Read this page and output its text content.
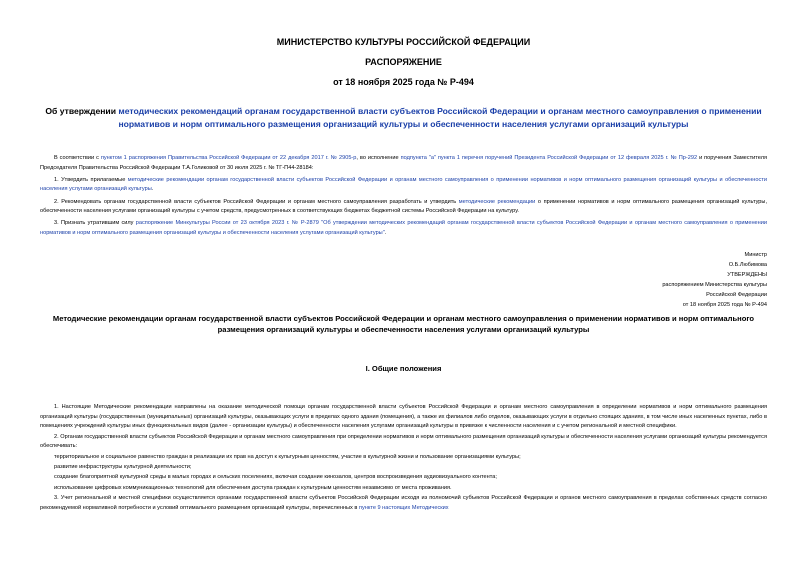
МИНИСТЕРСТВО КУЛЬТУРЫ РОССИЙСКОЙ ФЕДЕРАЦИИ
РАСПОРЯЖЕНИЕ
от 18 ноября 2025 года № Р-494
Об утверждении методических рекомендаций органам государственной власти субъектов Российской Федерации и органам местного самоуправления о применении нормативов и норм оптимального размещения организаций культуры и обеспеченности населения услугами организаций культуры

В соответствии с пунктом 1 распоряжения Правительства Российской Федерации от 22 декабря 2017 г. № 2905-р, во исполнение подпункта "а" пункта 1 перечня поручений Президента Российской Федерации от 12 февраля 2025 г. № Пр-292 и поручения Заместителя Председателя Правительства Российской Федерации Т.А.Голиковой от 30 июля 2025 г. № ТГ-П44-28184:

1. Утвердить прилагаемые методические рекомендации органам государственной власти субъектов Российской Федерации и органам местного самоуправления о применении нормативов и норм оптимального размещения организаций культуры и обеспеченности населения услугами организаций культуры.

2. Рекомендовать органам государственной власти субъектов Российской Федерации и органам местного самоуправления разработать и утвердить методические рекомендации о применении нормативов и норм оптимального размещения организаций культуры, обеспеченности населения услугами организаций культуры с учетом средств, предусмотренных в соответствующих бюджетах бюджетной системы Российской Федерации на культуру.

3. Признать утратившим силу распоряжение Минкультуры России от 23 октября 2023 г. № Р-2879 "Об утверждении методических рекомендаций органам государственной власти субъектов Российской Федерации и органам местного самоуправления о применении нормативов и норм оптимального размещения организаций культуры и обеспеченности населения услугами организаций культуры".

Министр
О.Б.Любимова
УТВЕРЖДЕНЫ
распоряжением Министерства культуры
Российской Федерации
от 18 ноября 2025 года № Р-494
Методические рекомендации органам государственной власти субъектов Российской Федерации и органам местного самоуправления о применении нормативов и норм оптимального размещения организаций культуры и обеспеченности населения услугами организаций культуры
I. Общие положения

1. Настоящие Методические рекомендации направлены на оказание методической помощи органам государственной власти субъектов Российской Федерации и органам местного самоуправления в определении нормативов и норм оптимального размещения организаций культуры (государственных (муниципальных) организаций культуры, оказывающих услуги в пределах одного здания (помещения), а также их филиалов либо отделов, оказывающих услуги в отдельно стоящих зданиях, в том числе иных населенных пунктах, либо в помещениях учреждений культуры иных функциональных видов (далее - организации культуры) и обеспеченности населения услугами организаций культуры в привязке к численности населения и с учетом региональной и местной специфики.

2. Органам государственной власти субъектов Российской Федерации и органам местного самоуправления при определении нормативов и норм оптимального размещения организаций культуры и обеспеченности населения услугами организаций культуры рекомендуется обеспечивать:

территориальное и социальное равенство граждан в реализации их прав на доступ к культурным ценностям, участие в культурной жизни и пользование организациями культуры;

развитие инфраструктуры культурной деятельности;

создание благоприятной культурной среды в малых городах и сельских поселениях, включая создание кинозалов, центров воспроизведения аудиовизуального контента;

использование цифровых коммуникационных технологий для обеспечения доступа граждан к культурным ценностям независимо от места проживания.

3. Учет региональной и местной специфики осуществляется органами государственной власти субъектов Российской Федерации исходя из полномочий субъектов Российской Федерации и органов местного самоуправления в пределах собственных средств согласно рекомендуемой нормативной потребности и условий оптимального размещения организаций культуры, перечисленных в пункте 9 настоящих Методических
